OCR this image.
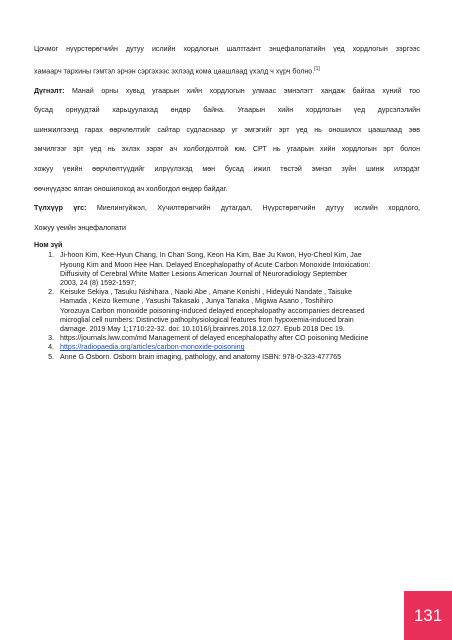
Цочмог нүүрстөрөгчийн дутуу ислийн хордлогын шалтгаант энцефалопатийн үед хордлогын зэргээс
хамаарч тархины гэмтэл эрчэн сэргэхээс эхлээд кома цаашлаад үхэлд ч хүрч болно.[1]
Дүгнэлт: Манай орны хувьд угаарын хийн хордлогын улмаас эмнэлэгт хандаж байгаа хүний тоо
бусад орнуудтай харьцуулахад өндөр байна. Угаарын хийн хордлогын үед дурсэлэлийн
шинжилгээнд гарах өөрчлөлтийг сайтар судласнаар уг эмгэгийг эрт үед нь оношилох цаашлаад эөв
эмчилгээг эрт үед нь эхлэх зэрэг ач холбогдолтой юм. СРТ нь угаарын хийн хордлогын эрт болон
хожуу үеийн өөрчлөлтүүдийг илрүүлэхэд мөн бусад ижил төстэй эмнэл зүйн шинж илэрдэг
өөчнүүдээс ялган оношилоход ач холбогдол өндөр байдаг.
Түлхүүр үгс: Миелингүйжэл, Хүчилтөрөгчийн дутагдал, Нүүрстөрөгчийн дутуу ислийн хордлого,
Хожуу үеийн энцефалопати
Ном зүй
1. Ji-hoon Kim, Kee-Hyun Chang, In Chan Song, Keon Ha Kim, Bae Ju Kwon, Hyo-Cheol Kim, Jae
Hyoung Kim and Moon Hee Han. Delayed Encephalopathy of Acute Carbon Monoxide Intoxication:
Diffusivity of Cerebral White Matter Lesions American Journal of Neuroradiology September
2003, 24 (8) 1592-1597;
2. Keisuke Sekiya , Tasuku Nishihara , Naoki Abe , Amane Konishi , Hideyuki Nandate , Taisuke
Hamada , Keizo Ikemune , Yasushi Takasaki , Junya Tanaka , Migiwa Asano , Toshihiro
Yorozuya Carbon monoxide poisoning-induced delayed encephalopathy accompanies decreased
microglial cell numbers: Distinctive pathophysiological features from hypoxemia-induced brain
damage. 2019 May 1;1710:22-32. doi: 10.1016/j.brainres.2018.12.027. Epub 2018 Dec 19.
3. https://journals.lww.com/md Management of delayed encephalopathy after CO poisoning Medicine
4. https://radiopaedia.org/articles/carbon-monoxide-poisoning
5. Anne G Osborn. Osborn brain imaging, pathology, and anatomy ISBN: 978-0-323-477765
131
